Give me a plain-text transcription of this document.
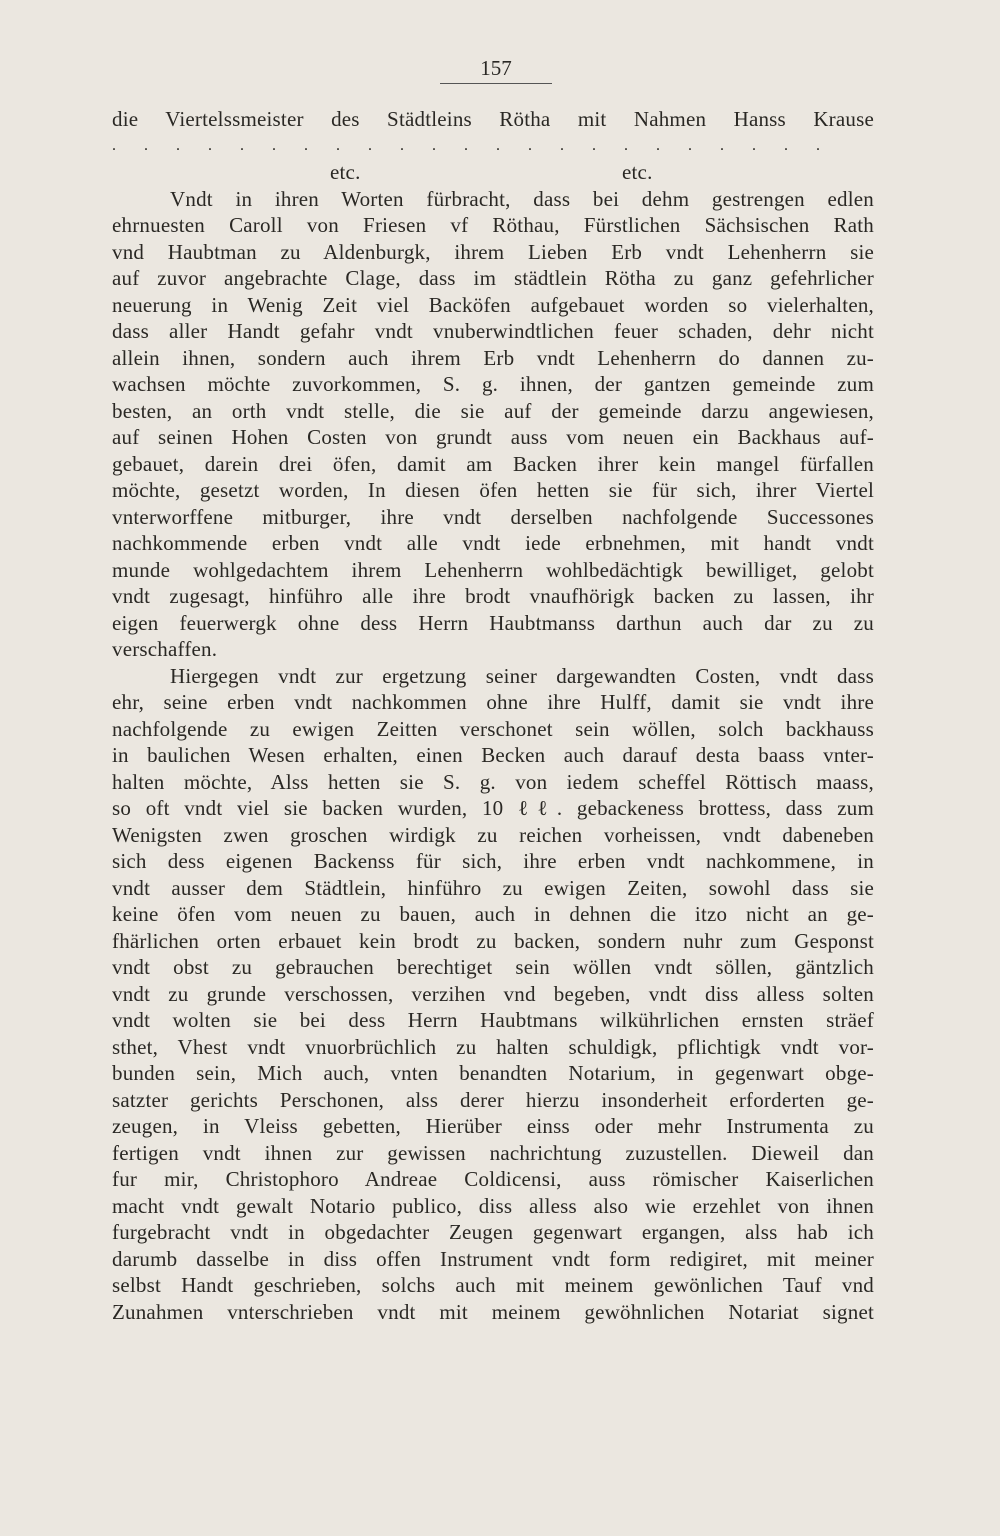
157
die Viertelssmeister des Städtleins Rötha mit Nahmen Hanss Krause
. . . . . . . . . . . . . . . . . . . . . . .
etc.	etc.
Vndt in ihren Worten fürbracht, dass bei dehm gestrengen edlen
ehrnuesten Caroll von Friesen vf Röthau, Fürstlichen Sächsischen Rath
vnd Haubtman zu Aldenburgk, ihrem Lieben Erb vndt Lehenherrn sie
auf zuvor angebrachte Clage, dass im städtlein Rötha zu ganz gefehrlicher
neuerung in Wenig Zeit viel Backöfen aufgebauet worden so vielerhalten,
dass aller Handt gefahr vndt vnuberwindtlichen feuer schaden, dehr nicht
allein ihnen, sondern auch ihrem Erb vndt Lehenherrn do dannen zu-
wachsen möchte zuvorkommen, S. g. ihnen, der gantzen gemeinde zum
besten, an orth vndt stelle, die sie auf der gemeinde darzu angewiesen,
auf seinen Hohen Costen von grundt auss vom neuen ein Backhaus auf-
gebauet, darein drei öfen, damit am Backen ihrer kein mangel fürfallen
möchte, gesetzt worden, In diesen öfen hetten sie für sich, ihrer Viertel
vnterworffene mitburger, ihre vndt derselben nachfolgende Successones
nachkommende erben vndt alle vndt iede erbnehmen, mit handt vndt
munde wohlgedachtem ihrem Lehenherrn wohlbedächtigk bewilliget, gelobt
vndt zugesagt, hinführo alle ihre brodt vnaufhörigk backen zu lassen, ihr
eigen feuerwergk ohne dess Herrn Haubtmanss darthun auch dar zu zu
verschaffen.
Hiergegen vndt zur ergetzung seiner dargewandten Costen, vndt dass
ehr, seine erben vndt nachkommen ohne ihre Hulff, damit sie vndt ihre
nachfolgende zu ewigen Zeitten verschonet sein wöllen, solch backhauss
in baulichen Wesen erhalten, einen Becken auch darauf desta baass vnter-
halten möchte, Alss hetten sie S. g. von iedem scheffel Röttisch maass,
so oft vndt viel sie backen wurden, 10 ℓℓ. gebackeness brottess, dass zum
Wenigsten zwen groschen wirdigk zu reichen vorheissen, vndt dabeneben
sich dess eigenen Backenss für sich, ihre erben vndt nachkommene, in
vndt ausser dem Städtlein, hinführo zu ewigen Zeiten, sowohl dass sie
keine öfen vom neuen zu bauen, auch in dehnen die itzo nicht an ge-
fhärlichen orten erbauet kein brodt zu backen, sondern nuhr zum Gesponst
vndt obst zu gebrauchen berechtiget sein wöllen vndt söllen, gäntzlich
vndt zu grunde verschossen, verzihen vnd begeben, vndt diss alless solten
vndt wolten sie bei dess Herrn Haubtmans wilkührlichen ernsten sträef
sthet, Vhest vndt vnuorbrüchlich zu halten schuldigk, pflichtigk vndt vor-
bunden sein, Mich auch, vnten benandten Notarium, in gegenwart obge-
satzter gerichts Perschonen, alss derer hierzu insonderheit erforderten ge-
zeugen, in Vleiss gebetten, Hierüber einss oder mehr Instrumenta zu
fertigen vndt ihnen zur gewissen nachrichtung zuzustellen. Dieweil dan
fur mir, Christophoro Andreae Coldicensi, auss römischer Kaiserlichen
macht vndt gewalt Notario publico, diss alless also wie erzehlet von ihnen
furgebracht vndt in obgedachter Zeugen gegenwart ergangen, alss hab ich
darumb dasselbe in diss offen Instrument vndt form redigiret, mit meiner
selbst Handt geschrieben, solchs auch mit meinem gewönlichen Tauf vnd
Zunahmen vnterschrieben vndt mit meinem gewöhnlichen Notariat signet
